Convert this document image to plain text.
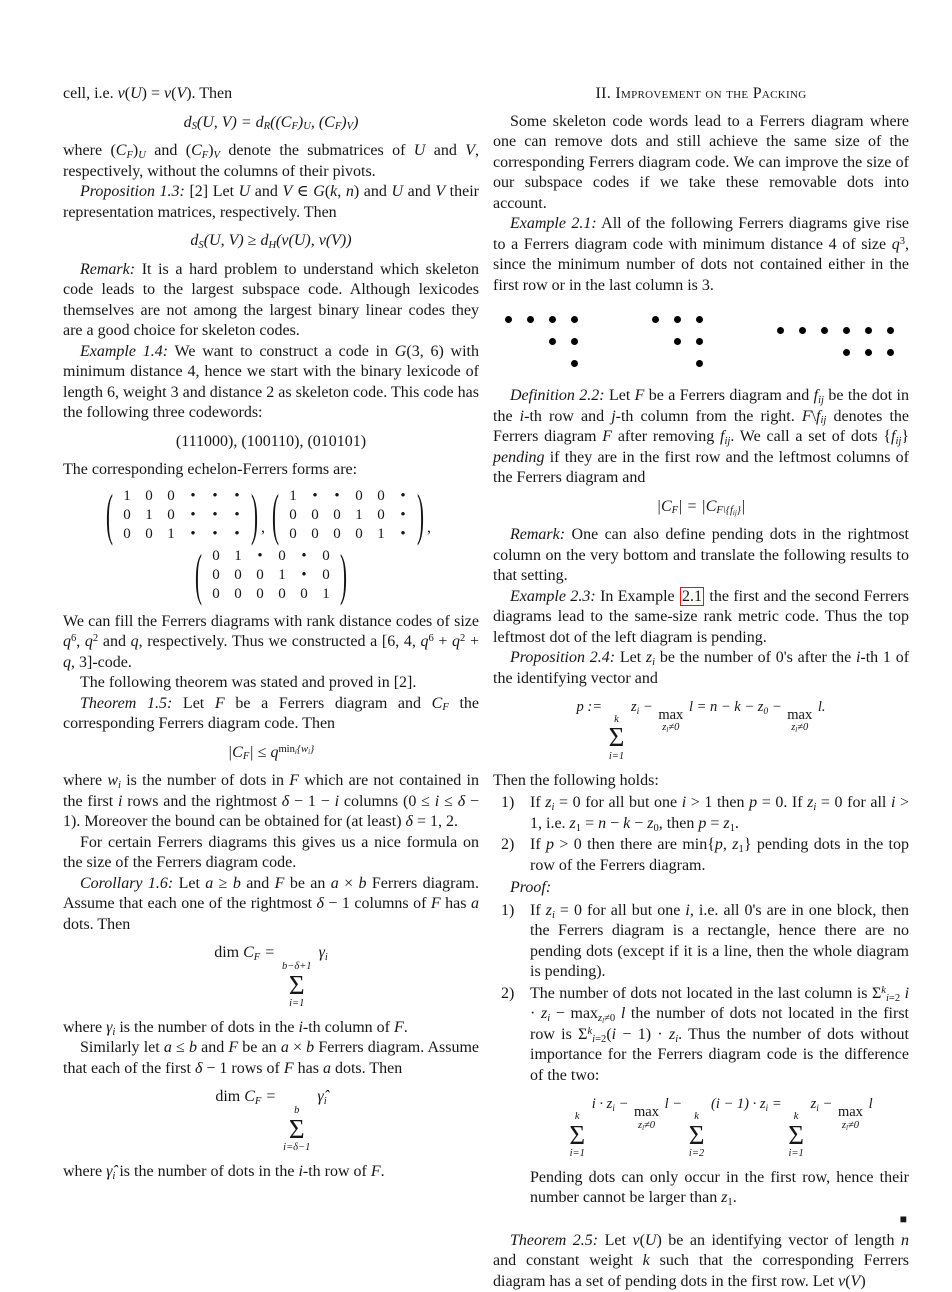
cell, i.e. v(U) = v(V). Then

$d_S(U$, $V) = d_R((C_F)_U$, $(C_F)_V$)

where $(C_F)_U$ and $(C_F)_V$ denote the submatrices of U and V, respectively, without the columns of their pivots.

Proposition 1.3: [2] Let U and V ∈ G(k, n) and U and V their representation matrices, respectively. Then

$d_S(U$, $V) \ge d_H(v(U)$, v(V))

Remark: It is a hard problem to understand which skeleton code leads to the largest subspace code. Although lexicodes themselves are not among the largest binary linear codes they are a good choice for skeleton codes.

Example 1.4: We want to construct a code in G(3, 6) with minimum distance 4, hence we start with the binary lexicode of length 6, weight 3 and distance 2 as skeleton code. This code has the following three codewords:

(111000), (100110), (010101)

The corresponding echelon-Ferrers forms are:

( 1 0 0 • • •
0 1 0 • • •
0 0 1 • • • ) , ( 1 • • 0 0 •
0 0 0 1 0 •
0 0 0 0 1 • ) ,
( 0 1 • 0 • 0
0 0 0 1 • 0
0 0 0 0 0 1 )

We can fill the Ferrers diagrams with rank distance codes of size $q^6$, $q^2$ and q, respectively. Thus we constructed a [6, 4, $q^6 + q^2 + q$, 3]-code.

The following theorem was stated and proved in [2].

Theorem 1.5: Let F be a Ferrers diagram and $C_F$ the corresponding Ferrers diagram code. Then

$|C_F| \le q^{min_i\{w_i\}}$

where $w_i$ is the number of dots in F which are not contained in the first i rows and the rightmost δ − 1 − i columns (0 ≤ i ≤ δ − 1). Moreover the bound can be obtained for (at least) δ = 1, 2.

For certain Ferrers diagrams this gives us a nice formula on the size of the Ferrers diagram code.

Corollary 1.6: Let a ≥ b and F be an a × b Ferrers diagram. Assume that each one of the rightmost δ − 1 columns of F has a dots. Then

dim $C_F$ =
b−δ+1
Σ
i=1
$\gamma_i$

where $\gamma_i$ is the number of dots in the i-th column of F.

Similarly let a ≤ b and F be an a × b Ferrers diagram. Assume that each of the first δ − 1 rows of F has a dots. Then

dim $C_F$ =
b
Σ
i=δ−1
$\gammâ_i$

where $\gammâ_i$ is the number of dots in the i-th row of F.

II. Improvement on the Packing

Some skeleton code words lead to a Ferrers diagram where one can remove dots and still achieve the same size of the corresponding Ferrers diagram code. We can improve the size of our subspace codes if we take these removable dots into account.

Example 2.1: All of the following Ferrers diagrams give rise to a Ferrers diagram code with minimum distance 4 of size $q^3$, since the minimum number of dots not contained either in the first row or in the last column is 3.

Definition 2.2: Let F be a Ferrers diagram and $f_{ij}$ be the dot in the i-th row and j-th column from the right. $F\backslash f_{ij}$ denotes the Ferrers diagram F after removing $f_{ij}$. We call a set of dots $\{f_{ij}\}$ pending if they are in the first row and the leftmost columns of the Ferrers diagram and

$|C_F| = |C_{F\backslash\{f_{ij}\}}|$

Remark: One can also define pending dots in the rightmost column on the very bottom and translate the following results to that setting.

Example 2.3: In Example 2.1 the first and the second Ferrers diagrams lead to the same-size rank metric code. Thus the top leftmost dot of the left diagram is pending.

Proposition 2.4: Let $z_i$ be the number of 0's after the i-th 1 of the identifying vector and

p :=
k
Σ
i=1
$z_i - \max$
$z_l\ne 0$
$l = n - k - z_0 - \max$
$z_l\ne 0$
l.

Then the following holds:

1) If $z_i = 0$ for all but one i > 1 then p = 0. If $z_i = 0$ for all i > 1, i.e. $z_1 = n - k - z_0$, then $p = z_1$.

2) If p > 0 then there are min{p, $z_1$} pending dots in the top row of the Ferrers diagram.

Proof:

1) If $z_i = 0$ for all but one i, i.e. all 0's are in one block, then the Ferrers diagram is a rectangle, hence there are no pending dots (except if it is a line, then the whole diagram is pending).

2) The number of dots not located in the last column is $\Sigma^k_{i=2}$ $i \cdot z_i - \max_{z_l\ne 0} l$ the number of dots not located in the first row is $\Sigma^k_{i=2}(i - 1) \cdot z_i$. Thus the number of dots without importance for the Ferrers diagram code is the difference of the two:

k
Σ
i=1
$i \cdot z_i - \max$
$z_l\ne 0$
l −
k
Σ
i=2
$(i - 1) \cdot z_i$ =
k
Σ
i=1
$z_i - \max$
$z_l\ne 0$
l

Pending dots can only occur in the first row, hence their number cannot be larger than $z_1$.

■

Theorem 2.5: Let v(U) be an identifying vector of length n and constant weight k such that the corresponding Ferrers diagram has a set of pending dots in the first row. Let v(V)
